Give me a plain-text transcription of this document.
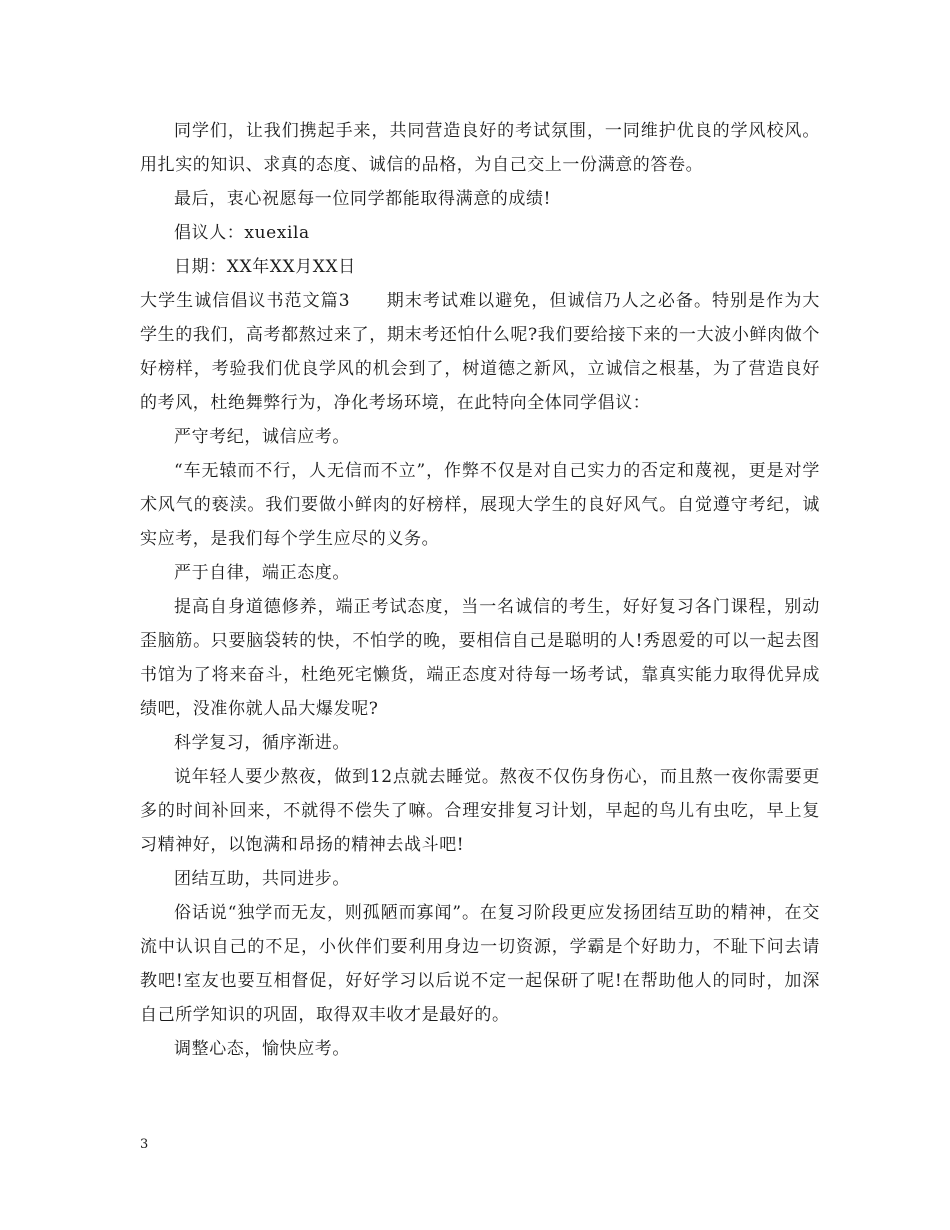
同学们，让我们携起手来，共同营造良好的考试氛围，一同维护优良的学风校风。用扎实的知识、求真的态度、诚信的品格，为自己交上一份满意的答卷。

最后，衷心祝愿每一位同学都能取得满意的成绩!

倡议人：xuexila

日期：XX年XX月XX日

大学生诚信倡议书范文篇3　　期末考试难以避免，但诚信乃人之必备。特别是作为大学生的我们，高考都熬过来了，期末考还怕什么呢?我们要给接下来的一大波小鲜肉做个好榜样，考验我们优良学风的机会到了，树道德之新风，立诚信之根基，为了营造良好的考风，杜绝舞弊行为，净化考场环境，在此特向全体同学倡议：

严守考纪，诚信应考。

“车无辕而不行，人无信而不立”，作弊不仅是对自己实力的否定和蔑视，更是对学术风气的亵渎。我们要做小鲜肉的好榜样，展现大学生的良好风气。自觉遵守考纪，诚实应考，是我们每个学生应尽的义务。

严于自律，端正态度。

提高自身道德修养，端正考试态度，当一名诚信的考生，好好复习各门课程，别动歪脑筋。只要脑袋转的快，不怕学的晚，要相信自己是聪明的人!秀恩爱的可以一起去图书馆为了将来奋斗，杜绝死宅懒货，端正态度对待每一场考试，靠真实能力取得优异成绩吧，没准你就人品大爆发呢?

科学复习，循序渐进。

说年轻人要少熬夜，做到12点就去睡觉。熬夜不仅伤身伤心，而且熬一夜你需要更多的时间补回来，不就得不偿失了嘛。合理安排复习计划，早起的鸟儿有虫吃，早上复习精神好，以饱满和昂扬的精神去战斗吧!

团结互助，共同进步。

俗话说“独学而无友，则孤陋而寡闻”。在复习阶段更应发扬团结互助的精神，在交流中认识自己的不足，小伙伴们要利用身边一切资源，学霸是个好助力，不耻下问去请教吧!室友也要互相督促，好好学习以后说不定一起保研了呢!在帮助他人的同时，加深自己所学知识的巩固，取得双丰收才是最好的。

调整心态，愉快应考。

3
